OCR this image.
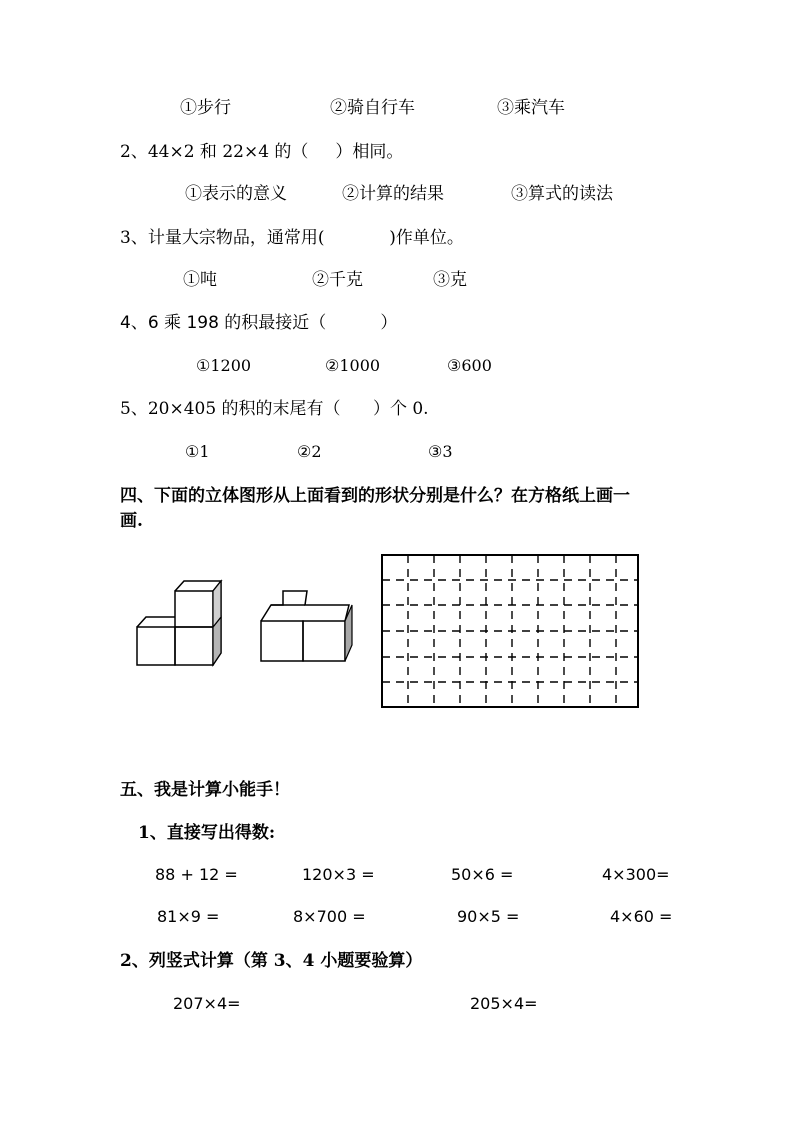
①步行	②骑自行车	③乘汽车
2、44×2 和 22×4 的（     ）相同。
①表示的意义	②计算的结果	③算式的读法
3、计量大宗物品，通常用(            )作单位。
①吨	②千克	③克
4、6 乘 198 的积最接近（          ）
①1200	②1000	③600
5、20×405 的积的末尾有（      ）个 0.
①1	②2	③3
四、下面的立体图形从上面看到的形状分别是什么？在方格纸上画一
画.
五、我是计算小能手！
1、直接写出得数:
88 + 12 =	120×3 =	50×6 =	4×300=
81×9 =	8×700 =	90×5 =	4×60 =
2、列竖式计算（第 3、4 小题要验算）
207×4=	205×4=
